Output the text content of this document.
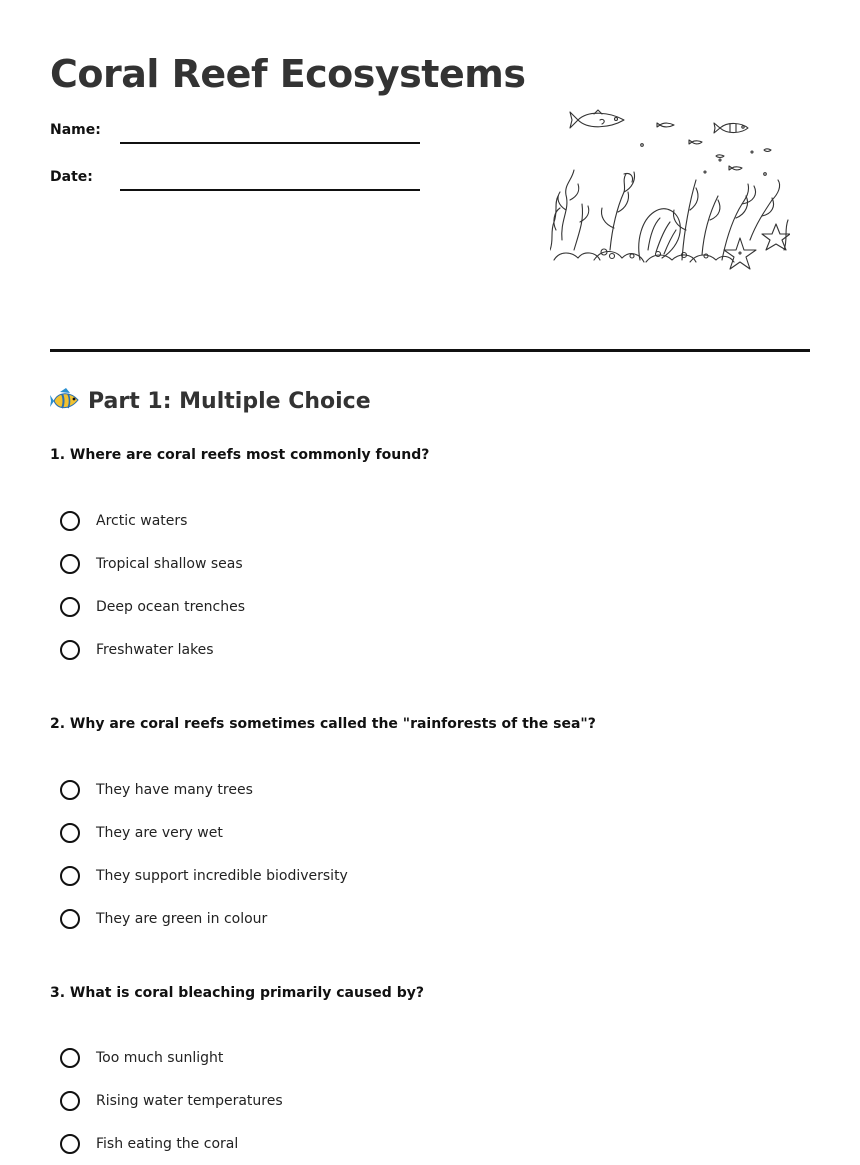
Coral Reef Ecosystems
Name:
Date:
Part 1: Multiple Choice

1. Where are coral reefs most commonly found?

Arctic waters
Tropical shallow seas
Deep ocean trenches
Freshwater lakes

2. Why are coral reefs sometimes called the "rainforests of the sea"?

They have many trees
They are very wet
They support incredible biodiversity
They are green in colour

3. What is coral bleaching primarily caused by?

Too much sunlight
Rising water temperatures
Fish eating the coral
